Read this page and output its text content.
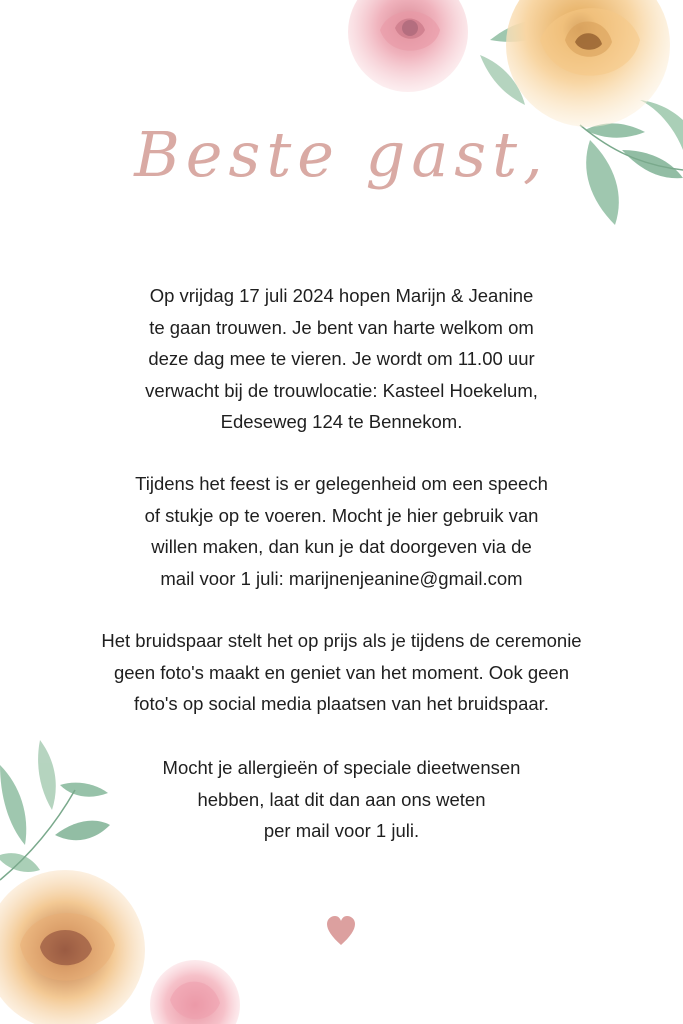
Beste gast,

Op vrijdag 17 juli 2024 hopen Marijn & Jeanine
te gaan trouwen. Je bent van harte welkom om
deze dag mee te vieren. Je wordt om 11.00 uur
verwacht bij de trouwlocatie: Kasteel Hoekelum,
Edeseweg 124 te Bennekom.

Tijdens het feest is er gelegenheid om een speech
of stukje op te voeren. Mocht je hier gebruik van
willen maken, dan kun je dat doorgeven via de
mail voor 1 juli: marijnenjeanine@gmail.com

Het bruidspaar stelt het op prijs als je tijdens de ceremonie
geen foto's maakt en geniet van het moment. Ook geen
foto's op social media plaatsen van het bruidspaar.

Mocht je allergieën of speciale dieetwensen
hebben, laat dit dan aan ons weten
per mail voor 1 juli.
